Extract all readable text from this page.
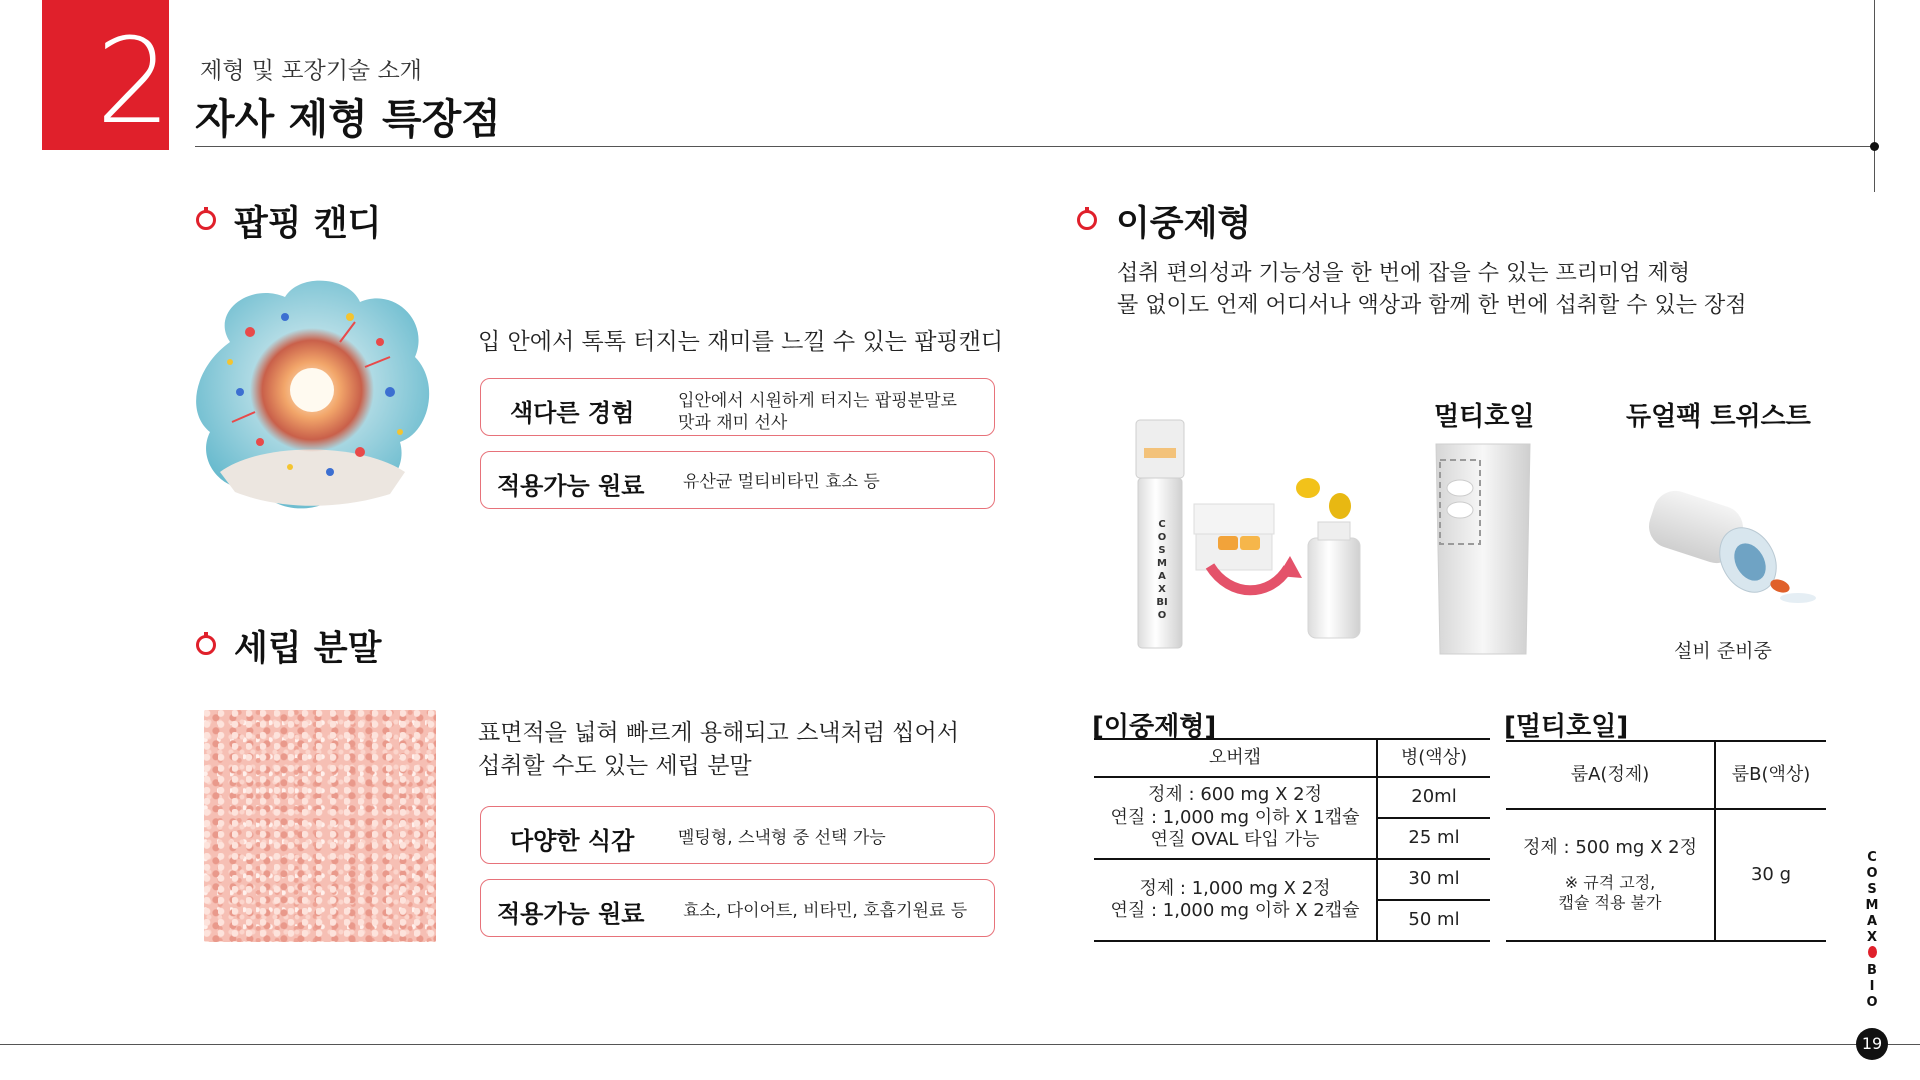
2 제형 및 포장기술 소개
자사 제형 특장점
팝핑 캔디
입 안에서 톡톡 터지는 재미를 느낄 수 있는 팝핑캔디
색다른 경험	입안에서 시원하게 터지는 팝핑분말로
맛과 재미 선사
적용가능 원료 유산균 멀티비타민 효소 등
세립 분말
표면적을 넓혀 빠르게 용해되고 스낵처럼 씹어서
섭취할 수도 있는 세립 분말
다양한 식감	멜팅형, 스낵형 중 선택 가능
적용가능 원료 효소, 다이어트, 비타민, 호흡기원료 등
이중제형
섭취 편의성과 기능성을 한 번에 잡을 수 있는 프리미엄 제형
물 없이도 언제 어디서나 액상과 함께 한 번에 섭취할 수 있는 장점
멀티호일	듀얼팩 트위스트
COSMAX BIO
설비 준비중
[이중제형]
오버캡	병(액상)

정제 : 600 mg X 2정
연질 : 1,000 mg 이하 X 1캡슐
연질 OVAL 타입 가능	20ml
	25 ml

정제 : 1,000 mg X 2정
연질 : 1,000 mg 이하 X 2캡슐	30 ml
	50 ml
[멀티호일]
룸A(정제)	룸B(액상)

정제 : 500 mg X 2정
※ 규격 고정,
캡슐 적용 불가	30 g
C
O
S
M
A
X
B
I
O
19
